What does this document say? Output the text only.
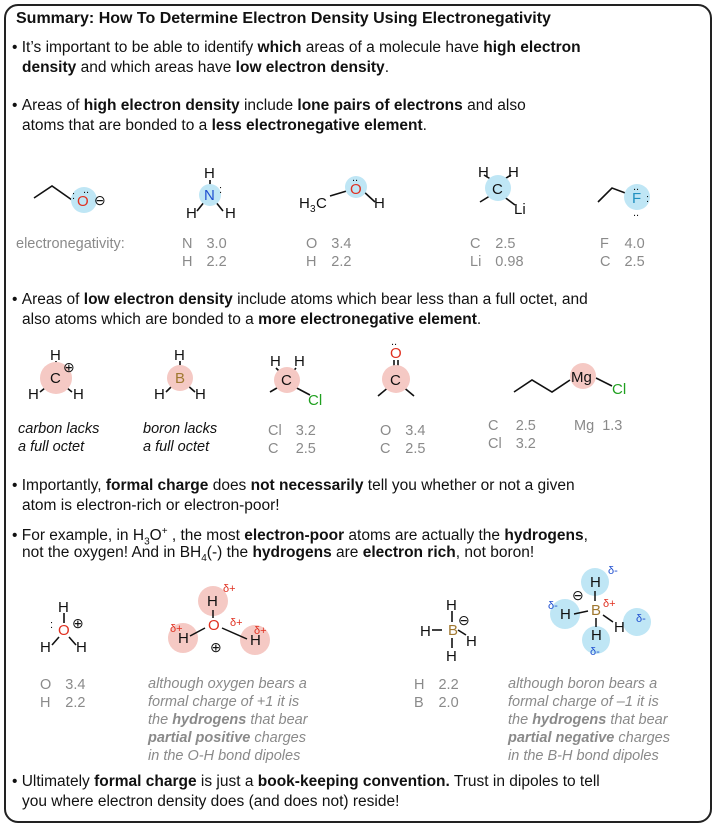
Summary: How To Determine Electron Density Using Electronegativity
• It’s important to be able to identify which areas of a molecule have high electron
density and which areas have low electron density.
• Areas of high electron density include lone pairs of electrons and also
atoms that are bonded to a less electronegative element.
electronegativity:	N	3.0
H	2.2
O	3.4
H	2.2
C	2.5
Li	0.98
F	4.0
C	2.5
• Areas of low electron density include atoms which bear less than a full octet, and
also atoms which are bonded to a more electronegative element.
carbon lacks
a full octet
boron lacks
a full octet
Cl	3.2
C	2.5
O	3.4
C	2.5
C	2.5
Cl	3.2
Mg 1.3
• Importantly, formal charge does not necessarily tell you whether or not a given
atom is electron-rich or electron-poor!
• For example, in $H_3O^+$ , the most electron-poor atoms are actually the hydrogens,
not the oxygen! And in $BH_4(-)$ the hydrogens are electron rich, not boron!
O	3.4
H	2.2
H	2.2
B	2.0
although oxygen bears a
formal charge of +1 it is
the hydrogens that bear
partial positive charges
in the O-H bond dipoles
although boron bears a
formal charge of –1 it is
the hydrogens that bear
partial negative charges
in the B-H bond dipoles
• Ultimately formal charge is just a book-keeping convention. Trust in dipoles to tell
you where electron density does (and does not) reside!
O ⊖
..
:
H
N
H H
:
H 3 C
O
H
..	H H
C
Li
F :
..
..
H
C
⊕
H H
H
B
H H
H H
C
Cl
O
..
C	Mg
Cl
H
O ⊕
H H
:
H
δ+
O
H
δ+
H
δ+
⊕
δ+
H
B
⊖
H
H
H
H
δ-
B δ+
H
δ-
H δ-
H
δ-
⊖
